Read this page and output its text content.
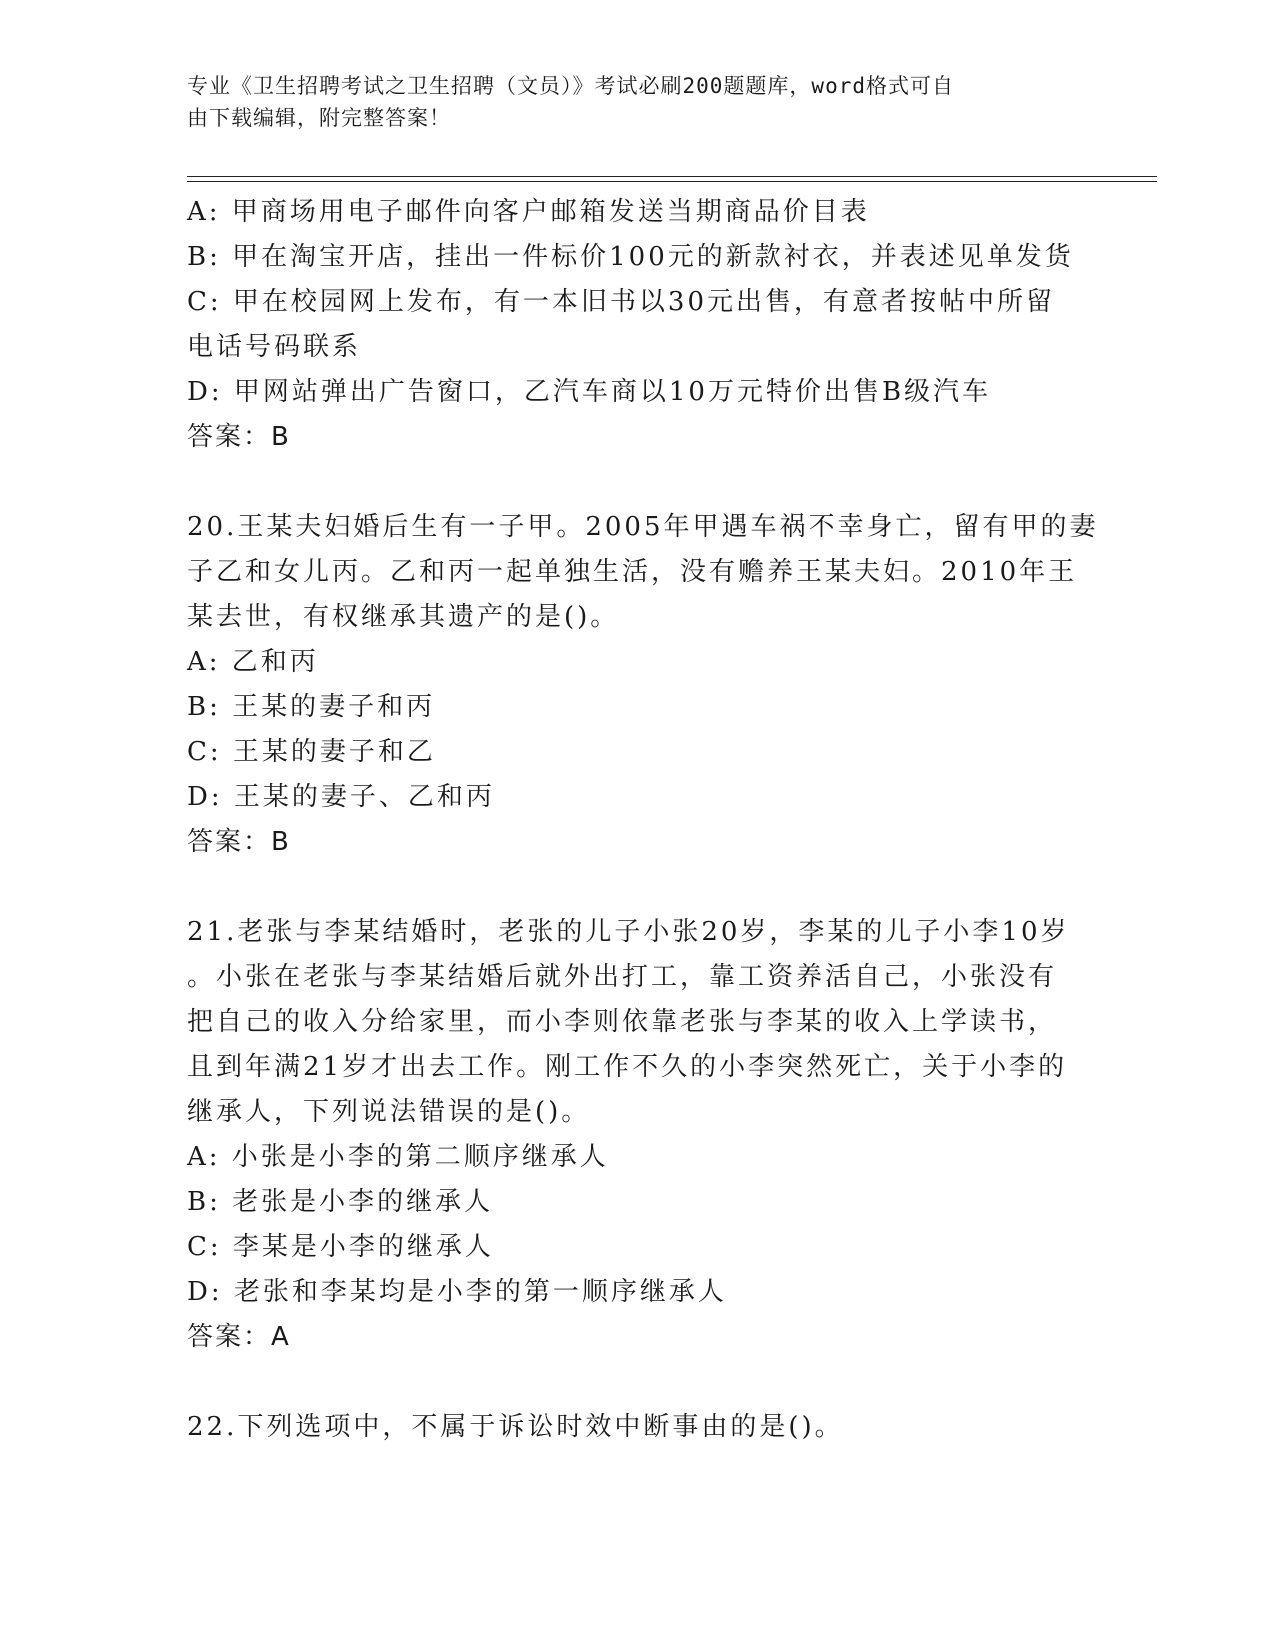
专业《卫生招聘考试之卫生招聘（文员）》考试必刷200题题库，word格式可自
由下载编辑，附完整答案！
A: 甲商场用电子邮件向客户邮箱发送当期商品价目表
B: 甲在淘宝开店，挂出一件标价100元的新款衬衣，并表述见单发货
C: 甲在校园网上发布，有一本旧书以30元出售，有意者按帖中所留
电话号码联系
D: 甲网站弹出广告窗口，乙汽车商以10万元特价出售B级汽车
答案：B
20.王某夫妇婚后生有一子甲。2005年甲遇车祸不幸身亡，留有甲的妻
子乙和女儿丙。乙和丙一起单独生活，没有赡养王某夫妇。2010年王
某去世，有权继承其遗产的是()。
A: 乙和丙
B: 王某的妻子和丙
C: 王某的妻子和乙
D: 王某的妻子、乙和丙
答案：B
21.老张与李某结婚时，老张的儿子小张20岁，李某的儿子小李10岁
。小张在老张与李某结婚后就外出打工，靠工资养活自己，小张没有
把自己的收入分给家里，而小李则依靠老张与李某的收入上学读书，
且到年满21岁才出去工作。刚工作不久的小李突然死亡，关于小李的
继承人，下列说法错误的是()。
A: 小张是小李的第二顺序继承人
B: 老张是小李的继承人
C: 李某是小李的继承人
D: 老张和李某均是小李的第一顺序继承人
答案：A
22.下列选项中，不属于诉讼时效中断事由的是()。
